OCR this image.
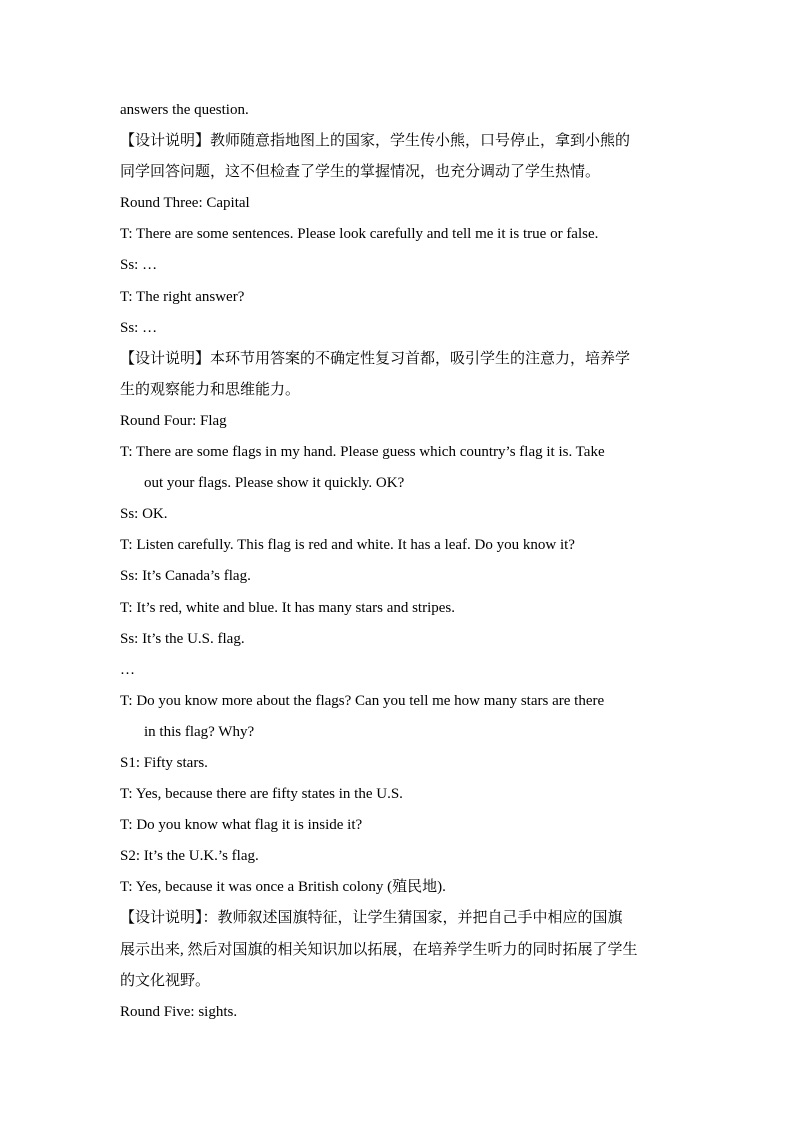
answers the question.
【设计说明】教师随意指地图上的国家，学生传小熊，口号停止，拿到小熊的
同学回答问题，这不但检查了学生的掌握情况，也充分调动了学生热情。
Round Three: Capital
T: There are some sentences. Please look carefully and tell me it is true or false.
Ss: …
T: The right answer?
Ss: …
【设计说明】本环节用答案的不确定性复习首都，吸引学生的注意力，培养学
生的观察能力和思维能力。
Round Four: Flag
T: There are some flags in my hand. Please guess which country’s flag it is. Take
out your flags. Please show it quickly. OK?
Ss: OK.
T: Listen carefully. This flag is red and white. It has a leaf. Do you know it?
Ss: It’s Canada’s flag.
T: It’s red, white and blue. It has many stars and stripes.
Ss: It’s the U.S. flag.
…
T: Do you know more about the flags? Can you tell me how many stars are there
in this flag? Why?
S1: Fifty stars.
T: Yes, because there are fifty states in the U.S.
T: Do you know what flag it is inside it?
S2: It’s the U.K.’s flag.
T: Yes, because it was once a British colony (殖民地).
【设计说明】：教师叙述国旗特征，让学生猜国家，并把自己手中相应的国旗
展示出来, 然后对国旗的相关知识加以拓展，在培养学生听力的同时拓展了学生
的文化视野。
Round Five: sights.
